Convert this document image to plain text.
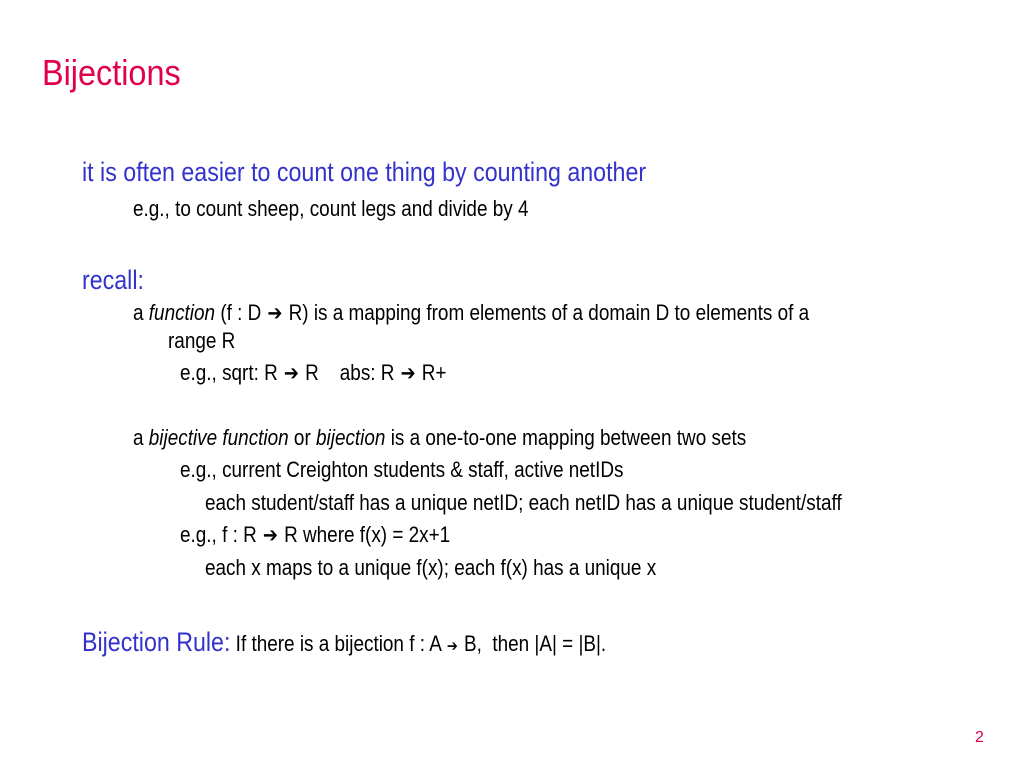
Bijections
it is often easier to count one thing by counting another
e.g., to count sheep, count legs and divide by 4
recall:
a function (f : D ➔ R) is a mapping from elements of a domain D to elements of a
range R
e.g., sqrt: R ➔ R    abs: R ➔ R+
a bijective function or bijection is a one-to-one mapping between two sets
e.g., current Creighton students & staff, active netIDs
each student/staff has a unique netID; each netID has a unique student/staff
e.g., f : R ➔ R where f(x) = 2x+1
each x maps to a unique f(x); each f(x) has a unique x
Bijection Rule: If there is a bijection f : A ➔ B,  then |A| = |B|.
2
